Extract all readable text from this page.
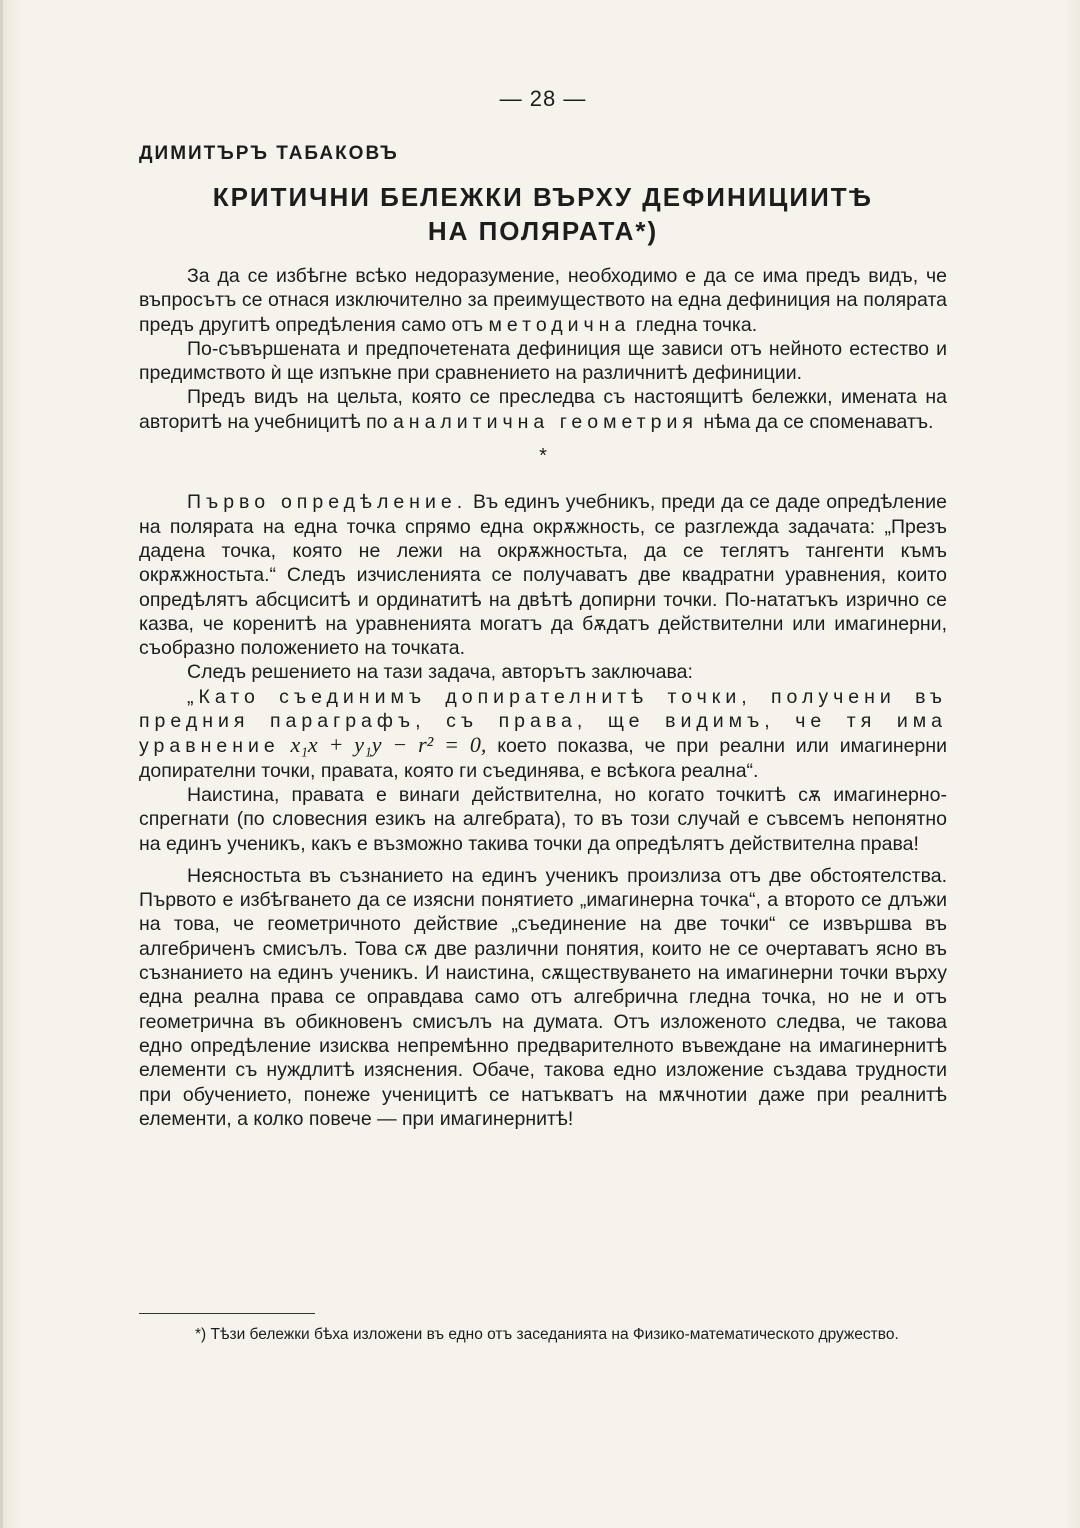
— 28 —
ДИМИТЪРЪ ТАБАКОВЪ
КРИТИЧНИ БЕЛЕЖКИ ВЪРХУ ДЕФИНИЦИИТѢ
НА ПОЛЯРАТА*)

За да се избѣгне всѣко недоразумение, необходимо е да се има предъ видъ, че въпросътъ се отнася изключително за преимуществото на една дефиниция на полярата предъ другитѣ опредѣления само отъ методична гледна точка.

По-съвършената и предпочетената дефиниция ще зависи отъ нейното естество и предимството ѝ ще изпъкне при сравнението на различнитѣ дефиниции.

Предъ видъ на цельта, която се преследва съ настоящитѣ бележки, имената на авторитѣ на учебницитѣ по аналитична геометрия нѣма да се споменаватъ.

*

Първо опредѣление. Въ единъ учебникъ, преди да се даде опредѣление на полярата на една точка спрямо една окрѫжность, се разглежда задачата: „Презъ дадена точка, която не лежи на окрѫжностьта, да се теглятъ тангенти къмъ окрѫжностьта.“ Следъ изчисленията се получаватъ две квадратни уравнения, които опредѣлятъ абсциситѣ и ординатитѣ на двѣтѣ допирни точки. По-нататъкъ изрично се казва, че коренитѣ на уравненията могатъ да бѫдатъ действителни или имагинерни, съобразно положението на точката.

Следъ решението на тази задача, авторътъ заключава:

„Като съединимъ допирателнитѣ точки, получени въ предния параграфъ, съ права, ще видимъ, че тя има уравнение x₁x + y₁y − r² = 0, което показва, че при реални или имагинерни допирателни точки, правата, която ги съединява, е всѣкога реална“.

Наистина, правата е винаги действителна, но когато точкитѣ сѫ имагинерно-спрегнати (по словесния езикъ на алгебрата), то въ този случай е съвсемъ непонятно на единъ ученикъ, какъ е възможно такива точки да опредѣлятъ действителна права!

Неясностьта въ съзнанието на единъ ученикъ произлиза отъ две обстоятелства. Първото е избѣгването да се изясни понятието „имагинерна точка“, а второто се длъжи на това, че геометричното действие „съединение на две точки“ се извършва въ алгебриченъ смисълъ. Това сѫ две различни понятия, които не се очертаватъ ясно въ съзнанието на единъ ученикъ. И наистина, сѫществуването на имагинерни точки върху една реална права се оправдава само отъ алгебрична гледна точка, но не и отъ геометрична въ обикновенъ смисълъ на думата. Отъ изложеното следва, че такова едно опредѣление изисква непремѣнно предварителното въвеждане на имагинернитѣ елементи съ нуждлитѣ изяснения. Обаче, такова едно изложение създава трудности при обучението, понеже ученицитѣ се натъкватъ на мѫчнотии даже при реалнитѣ елементи, а колко повече — при имагинернитѣ!

*) Тѣзи бележки бѣха изложени въ едно отъ заседанията на Физико-математическото дружество.
